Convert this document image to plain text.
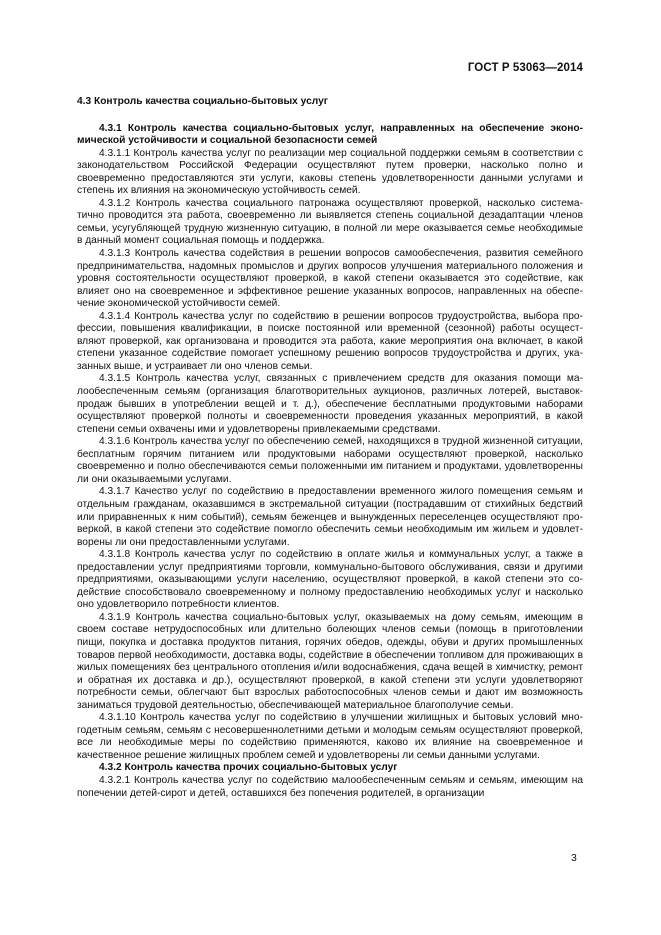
ГОСТ Р 53063—2014

4.3 Контроль качества социально-бытовых услуг

4.3.1 Контроль качества социально-бытовых услуг, направленных на обеспечение экономической устойчивости и социальной безопасности семей

4.3.1.1 Контроль качества услуг по реализации мер социальной поддержки семьям в соответствии с законодательством Российской Федерации осуществляют путем проверки, насколько полно и своевременно предоставляются эти услуги, каковы степень удовлетворенности данными услугами и степень их влияния на экономическую устойчивость семей.

4.3.1.2 Контроль качества социального патронажа осуществляют проверкой, насколько систематично проводится эта работа, своевременно ли выявляется степень социальной дезадаптации членов семьи, усугубляющей трудную жизненную ситуацию, в полной ли мере оказывается семье необходимые в данный момент социальная помощь и поддержка.

4.3.1.3 Контроль качества содействия в решении вопросов самообеспечения, развития семейного предпринимательства, надомных промыслов и других вопросов улучшения материального положения и уровня состоятельности осуществляют проверкой, в какой степени оказывается это содействие, как влияет оно на своевременное и эффективное решение указанных вопросов, направленных на обеспечение экономической устойчивости семей.

4.3.1.4 Контроль качества услуг по содействию в решении вопросов трудоустройства, выбора профессии, повышения квалификации, в поиске постоянной или временной (сезонной) работы осуществляют проверкой, как организована и проводится эта работа, какие мероприятия она включает, в какой степени указанное содействие помогает успешному решению вопросов трудоустройства и других, указанных выше, и устраивает ли оно членов семьи.

4.3.1.5 Контроль качества услуг, связанных с привлечением средств для оказания помощи малообеспеченным семьям (организация благотворительных аукционов, различных лотерей, выставок-продаж бывших в употреблении вещей и т. д.), обеспечение бесплатными продуктовыми наборами осуществляют проверкой полноты и своевременности проведения указанных мероприятий, в какой степени семьи охвачены ими и удовлетворены привлекаемыми средствами.

4.3.1.6 Контроль качества услуг по обеспечению семей, находящихся в трудной жизненной ситуации, бесплатным горячим питанием или продуктовыми наборами осуществляют проверкой, насколько своевременно и полно обеспечиваются семьи положенными им питанием и продуктами, удовлетворенны ли они оказываемыми услугами.

4.3.1.7 Качество услуг по содействию в предоставлении временного жилого помещения семьям и отдельным гражданам, оказавшимся в экстремальной ситуации (пострадавшим от стихийных бедствий или приравненных к ним событий), семьям беженцев и вынужденных переселенцев осуществляют проверкой, в какой степени это содействие помогло обеспечить семьи необходимым им жильем и удовлетворены ли они предоставленными услугами.

4.3.1.8 Контроль качества услуг по содействию в оплате жилья и коммунальных услуг, а также в предоставлении услуг предприятиями торговли, коммунально-бытового обслуживания, связи и другими предприятиями, оказывающими услуги населению, осуществляют проверкой, в какой степени это содействие способствовало своевременному и полному предоставлению необходимых услуг и насколько оно удовлетворило потребности клиентов.

4.3.1.9 Контроль качества социально-бытовых услуг, оказываемых на дому семьям, имеющим в своем составе нетрудоспособных или длительно болеющих членов семьи (помощь в приготовлении пищи, покупка и доставка продуктов питания, горячих обедов, одежды, обуви и других промышленных товаров первой необходимости, доставка воды, содействие в обеспечении топливом для проживающих в жилых помещениях без центрального отопления и/или водоснабжения, сдача вещей в химчистку, ремонт и обратная их доставка и др.), осуществляют проверкой, в какой степени эти услуги удовлетворяют потребности семьи, облегчают быт взрослых работоспособных членов семьи и дают им возможность заниматься трудовой деятельностью, обеспечивающей материальное благополучие семьи.

4.3.1.10 Контроль качества услуг по содействию в улучшении жилищных и бытовых условий многодетным семьям, семьям с несовершеннолетними детьми и молодым семьям осуществляют проверкой, все ли необходимые меры по содействию применяются, каково их влияние на своевременное и качественное решение жилищных проблем семей и удовлетворены ли семьи данными услугами.

4.3.2 Контроль качества прочих социально-бытовых услуг

4.3.2.1 Контроль качества услуг по содействию малообеспеченным семьям и семьям, имеющим на попечении детей-сирот и детей, оставшихся без попечения родителей, в организации

3
